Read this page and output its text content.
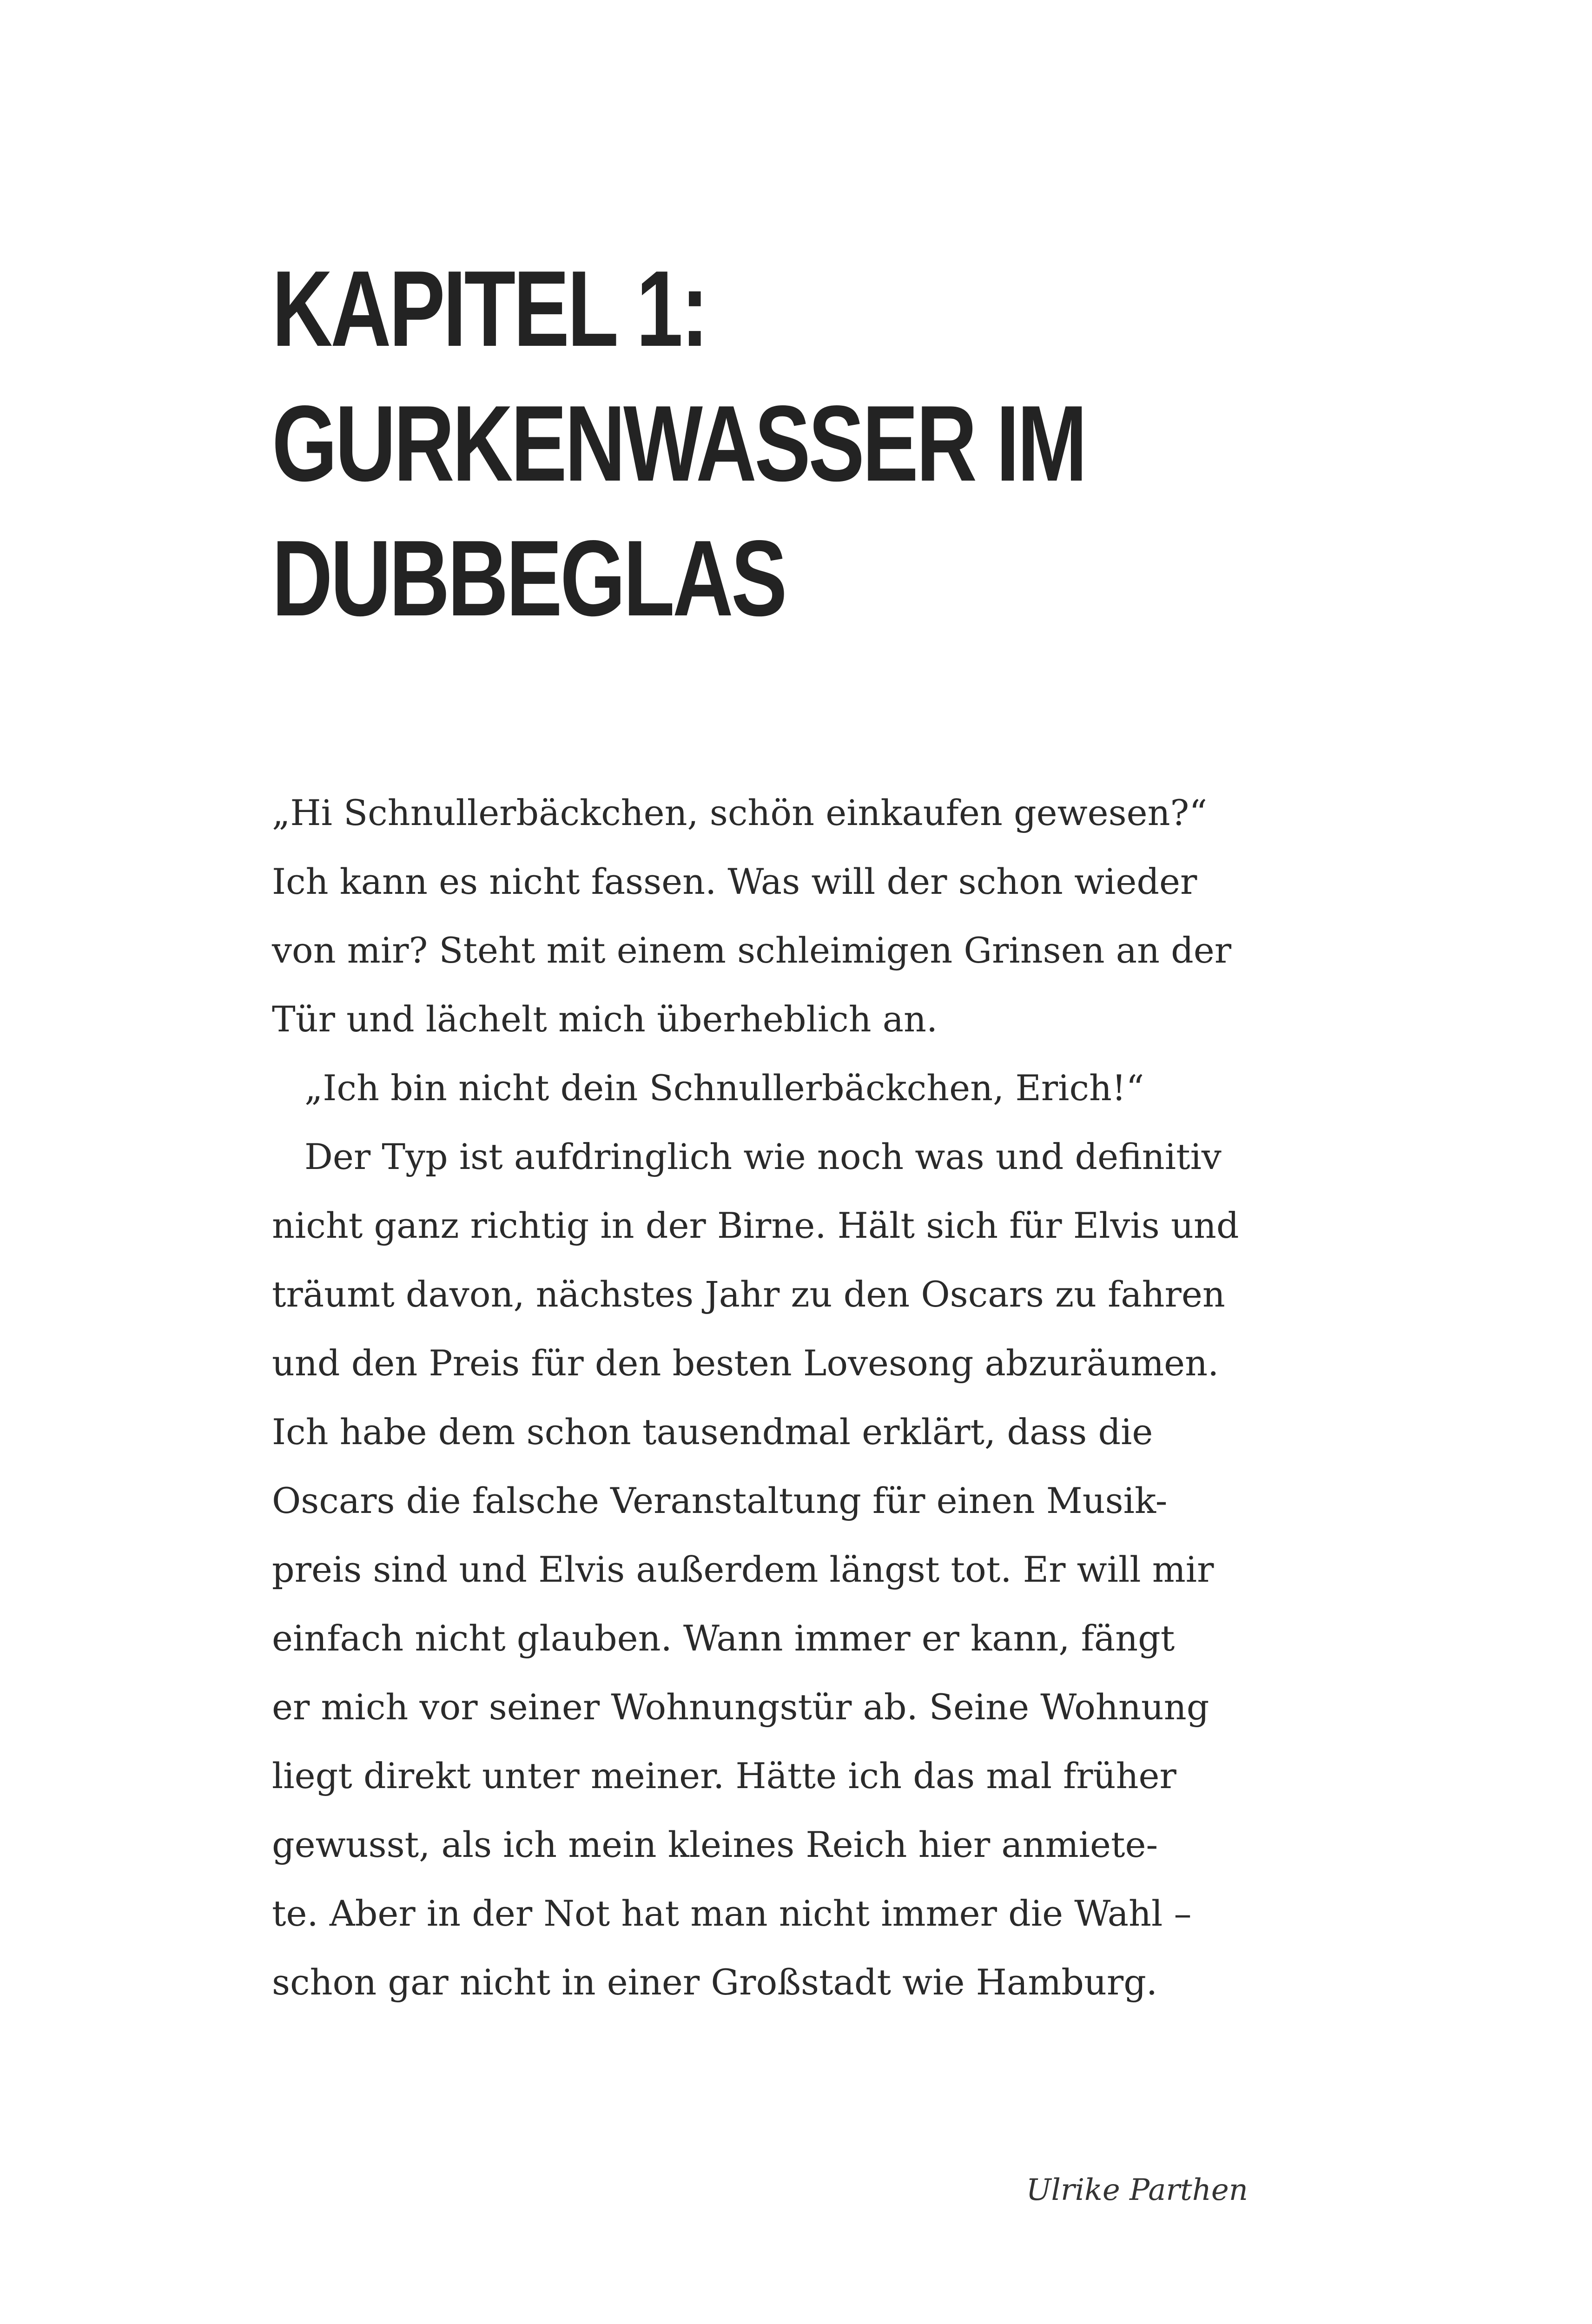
KAPITEL 1:
GURKENWASSER IM
DUBBEGLAS
„Hi Schnullerbäckchen, schön einkaufen gewesen?“
Ich kann es nicht fassen. Was will der schon wieder
von mir? Steht mit einem schleimigen Grinsen an der
Tür und lächelt mich überheblich an.
„Ich bin nicht dein Schnullerbäckchen, Erich!“
Der Typ ist aufdringlich wie noch was und definitiv
nicht ganz richtig in der Birne. Hält sich für Elvis und
träumt davon, nächstes Jahr zu den Oscars zu fahren
und den Preis für den besten Lovesong abzuräumen.
Ich habe dem schon tausendmal erklärt, dass die
Oscars die falsche Veranstaltung für einen Musik-
preis sind und Elvis außerdem längst tot. Er will mir
einfach nicht glauben. Wann immer er kann, fängt
er mich vor seiner Wohnungstür ab. Seine Wohnung
liegt direkt unter meiner. Hätte ich das mal früher
gewusst, als ich mein kleines Reich hier anmiete-
te. Aber in der Not hat man nicht immer die Wahl –
schon gar nicht in einer Großstadt wie Hamburg.
Ulrike Parthen
